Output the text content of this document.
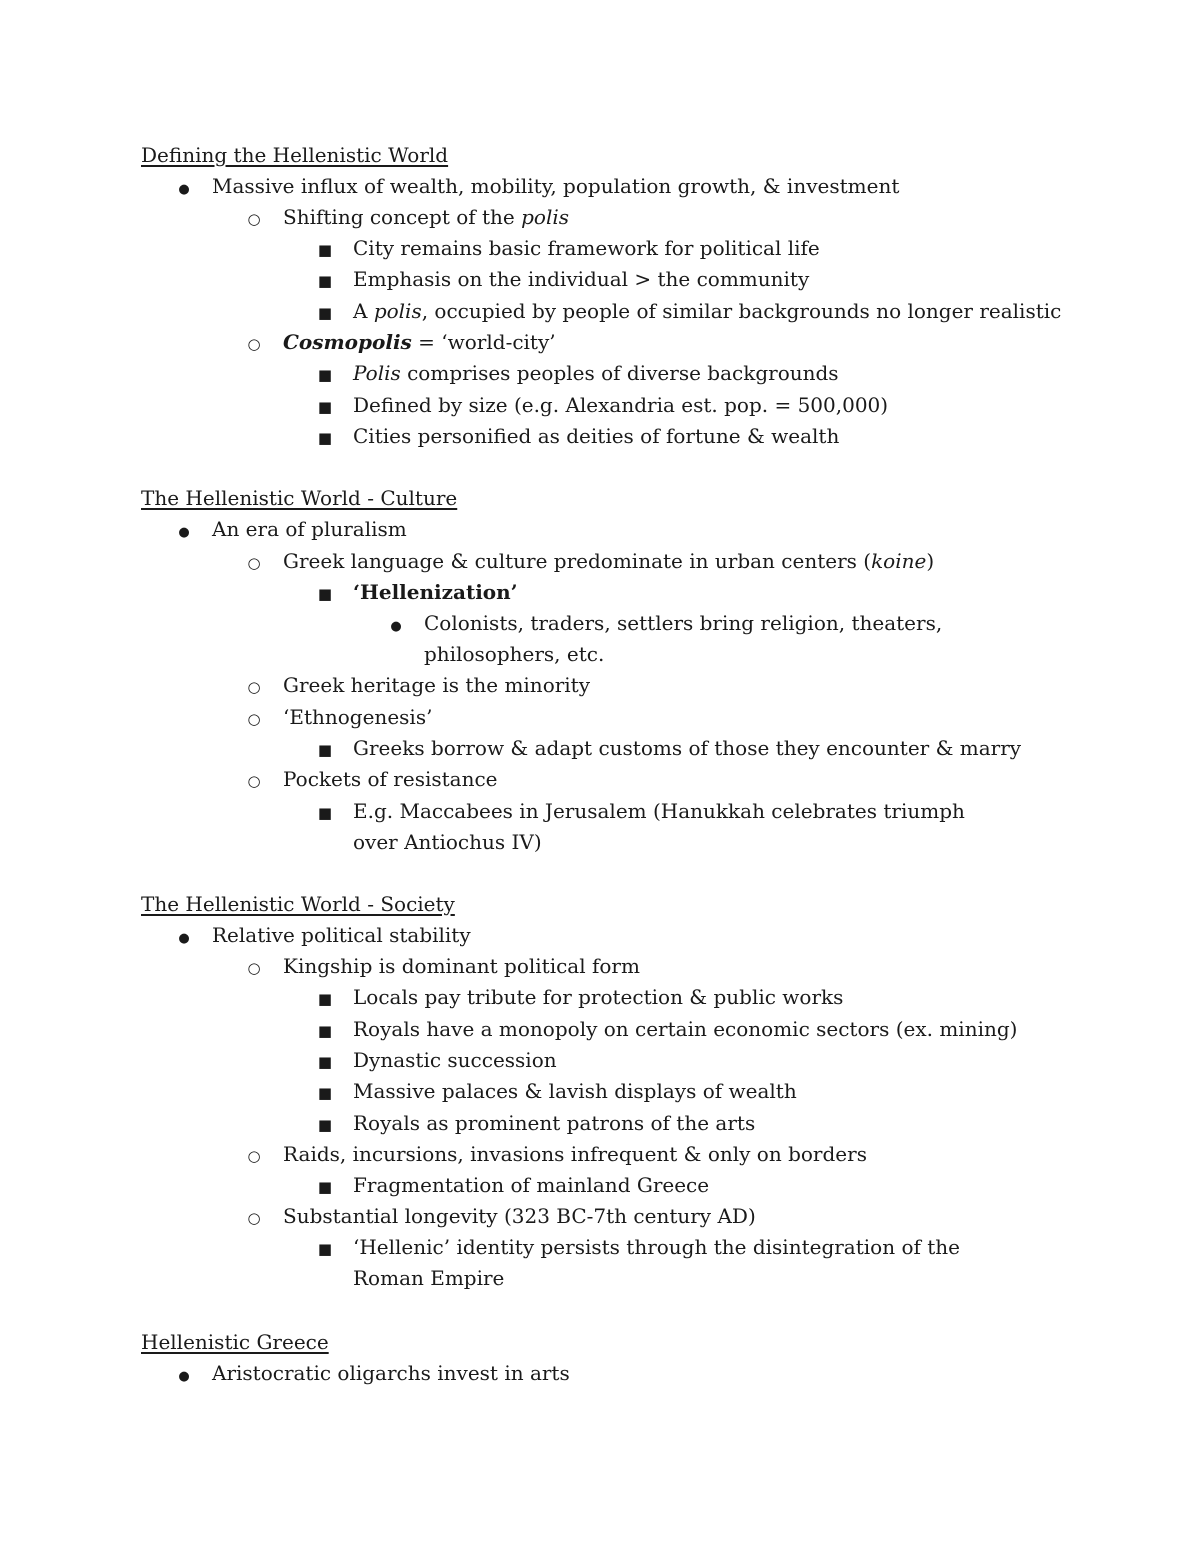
Defining the Hellenistic World
●
Massive influx of wealth, mobility, population growth, & investment
○
Shifting concept of the polis
■
City remains basic framework for political life
■
Emphasis on the individual > the community
■
A polis, occupied by people of similar backgrounds no longer realistic
○
Cosmopolis = ‘world-city’
■
Polis comprises peoples of diverse backgrounds
■
Defined by size (e.g. Alexandria est. pop. = 500,000)
■
Cities personified as deities of fortune & wealth
The Hellenistic World - Culture
●
An era of pluralism
○
Greek language & culture predominate in urban centers (koine)
■
‘Hellenization’
●
Colonists, traders, settlers bring religion, theaters, philosophers, etc.
○
Greek heritage is the minority
○
‘Ethnogenesis’
■
Greeks borrow & adapt customs of those they encounter & marry
○
Pockets of resistance
■
E.g. Maccabees in Jerusalem (Hanukkah celebrates triumph over Antiochus IV)
The Hellenistic World - Society
●
Relative political stability
○
Kingship is dominant political form
■
Locals pay tribute for protection & public works
■
Royals have a monopoly on certain economic sectors (ex. mining)
■
Dynastic succession
■
Massive palaces & lavish displays of wealth
■
Royals as prominent patrons of the arts
○
Raids, incursions, invasions infrequent & only on borders
■
Fragmentation of mainland Greece
○
Substantial longevity (323 BC-7th century AD)
■
‘Hellenic’ identity persists through the disintegration of the Roman Empire
Hellenistic Greece
●
Aristocratic oligarchs invest in arts
